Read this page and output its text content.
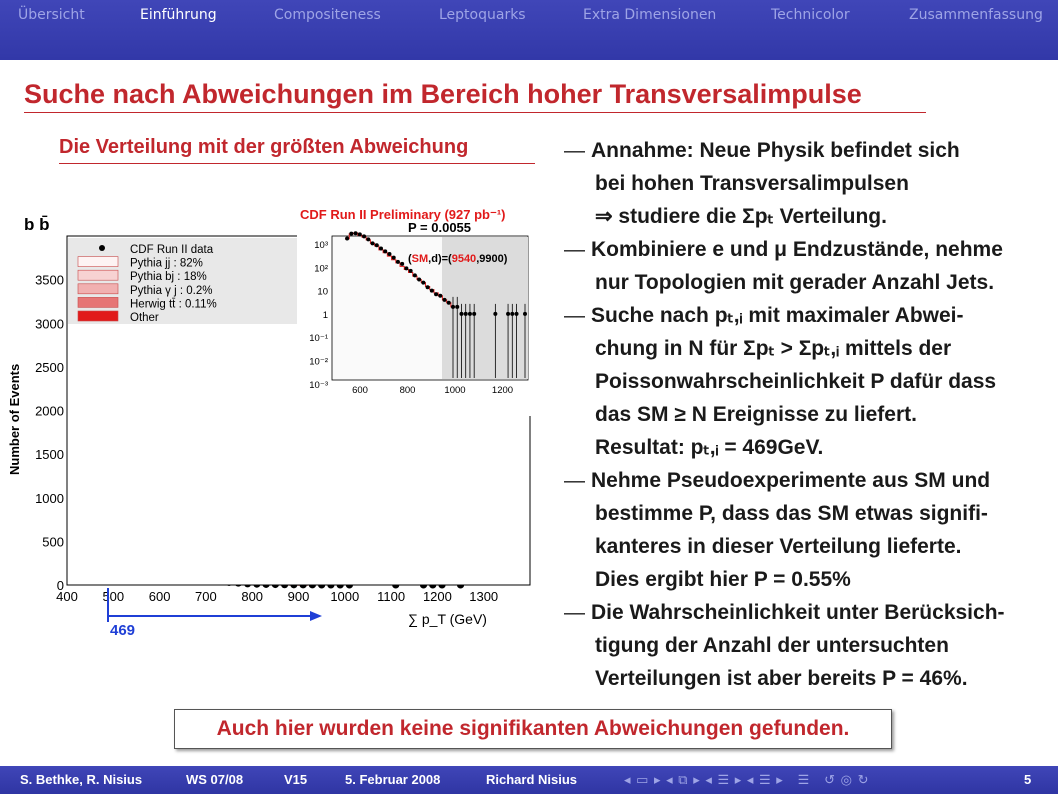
Übersicht	Einführung	Compositeness	Leptoquarks	Extra Dimensionen	Technicolor	Zusammenfassung
Suche nach Abweichungen im Bereich hoher Transversalimpulse
Die Verteilung mit der größten Abweichung
400 500 600 700 800 900 1000 1100 1200 1300
0
500
1000
1500
2000
2500
3000
3500
Number of Events
b b̄
∑ p_T (GeV)
CDF Run II data
Pythia jj : 82%
Pythia bj : 18%
Pythia γ j : 0.2%
Herwig tt̄ : 0.11%
Other
469
CDF Run II Preliminary (927 pb⁻¹)
P = 0.0055
(SM,d)=(9540,9900)
10³
10²
10
1
10⁻¹
10⁻²
10⁻³	600	800	1000	1200
— Annahme: Neue Physik befindet sich
bei hohen Transversalimpulsen
⇒ studiere die Σpₜ Verteilung.
— Kombiniere e und μ Endzustände, nehme
nur Topologien mit gerader Anzahl Jets.
— Suche nach pₜ,ᵢ mit maximaler Abwei-
chung in N für Σpₜ > Σpₜ,ᵢ mittels der
Poissonwahrscheinlichkeit P dafür dass
das SM ≥ N Ereignisse zu liefert.
Resultat: pₜ,ᵢ = 469GeV.
— Nehme Pseudoexperimente aus SM und
bestimme P, dass das SM etwas signifi-
kanteres in dieser Verteilung lieferte.
Dies ergibt hier P = 0.55%
— Die Wahrscheinlichkeit unter Berücksich-
tigung der Anzahl der untersuchten
Verteilungen ist aber bereits P = 46%.
Auch hier wurden keine signifikanten Abweichungen gefunden.
S. Bethke, R. Nisius	WS 07/08	V15	5. Februar 2008	Richard Nisius	◂ ▭ ▸ ◂ ⧉ ▸ ◂ ☰ ▸ ◂ ☰ ▸   ☰   ↺ ◎ ↻	5
